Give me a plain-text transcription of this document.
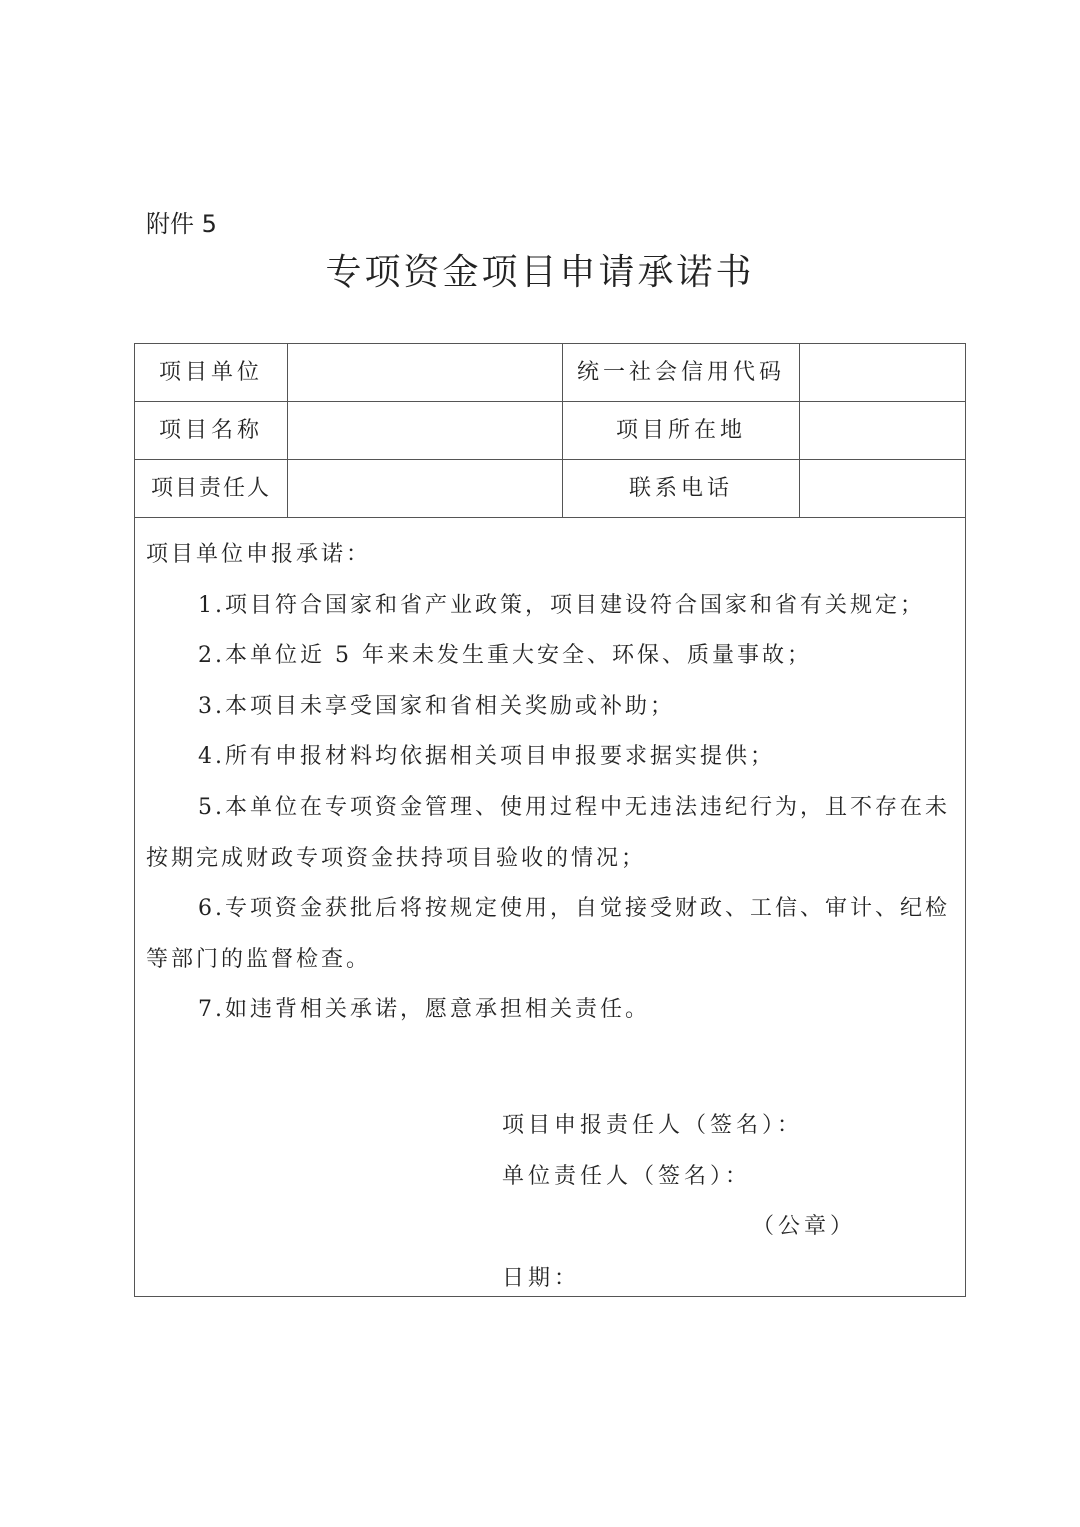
附件 5
专项资金项目申请承诺书
项目单位	统一社会信用代码
项目名称	项目所在地
项目责任人	联系电话

项目单位申报承诺：

1.项目符合国家和省产业政策，项目建设符合国家和省有关规定；

2.本单位近 5 年来未发生重大安全、环保、质量事故；

3.本项目未享受国家和省相关奖励或补助；

4.所有申报材料均依据相关项目申报要求据实提供；

5.本单位在专项资金管理、使用过程中无违法违纪行为，且不存在未按期完成财政专项资金扶持项目验收的情况；

6.专项资金获批后将按规定使用，自觉接受财政、工信、审计、纪检等部门的监督检查。

7.如违背相关承诺，愿意承担相关责任。

项目申报责任人（签名）：
单位责任人（签名）：
（公章）
日期：
